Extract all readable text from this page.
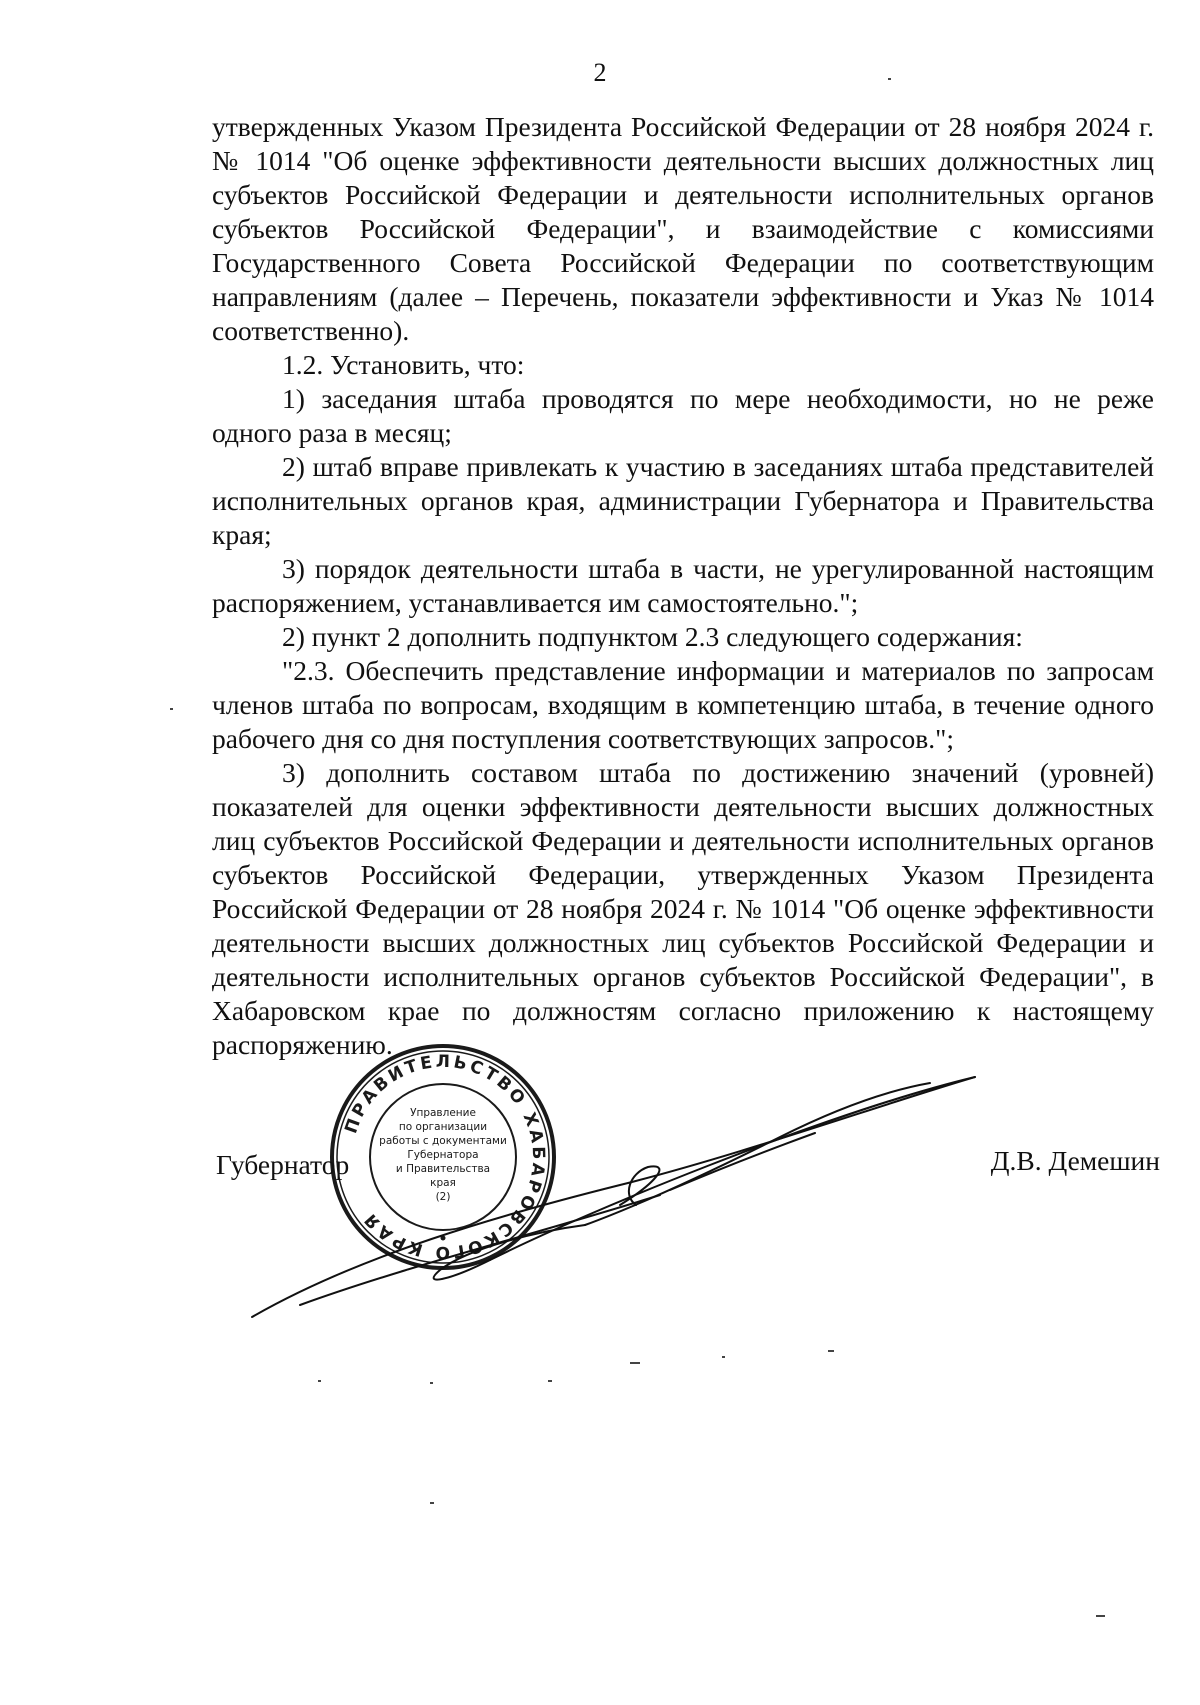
2

утвержденных Указом Президента Российской Федерации от 28 ноября 2024 г. № 1014 "Об оценке эффективности деятельности высших должностных лиц субъектов Российской Федерации и деятельности исполнительных органов субъектов Российской Федерации", и взаимодействие с комиссиями Государственного Совета Российской Федерации по соответствующим направлениям (далее – Перечень, показатели эффективности и Указ № 1014 соответственно).

1.2. Установить, что:

1) заседания штаба проводятся по мере необходимости, но не реже одного раза в месяц;

2) штаб вправе привлекать к участию в заседаниях штаба представителей исполнительных органов края, администрации Губернатора и Правительства края;

3) порядок деятельности штаба в части, не урегулированной настоящим распоряжением, устанавливается им самостоятельно.";

2) пункт 2 дополнить подпунктом 2.3 следующего содержания:

"2.3. Обеспечить представление информации и материалов по запросам членов штаба по вопросам, входящим в компетенцию штаба, в течение одного рабочего дня со дня поступления соответствующих запросов.";

3) дополнить составом штаба по достижению значений (уровней) показателей для оценки эффективности деятельности высших должностных лиц субъектов Российской Федерации и деятельности исполнительных органов субъектов Российской Федерации, утвержденных Указом Президента Российской Федерации от 28 ноября 2024 г. № 1014 "Об оценке эффективности деятельности высших должностных лиц субъектов Российской Федерации и деятельности исполнительных органов субъектов Российской Федерации", в Хабаровском крае по должностям согласно приложению к настоящему распоряжению.

ПРАВИТЕЛЬСТВО ХАБАРОВСКОГО КРАЯ
Управление
по организации
работы с документами
Губернатора
и Правительства
края
(2)
Губернатор	Д.В. Демешин
